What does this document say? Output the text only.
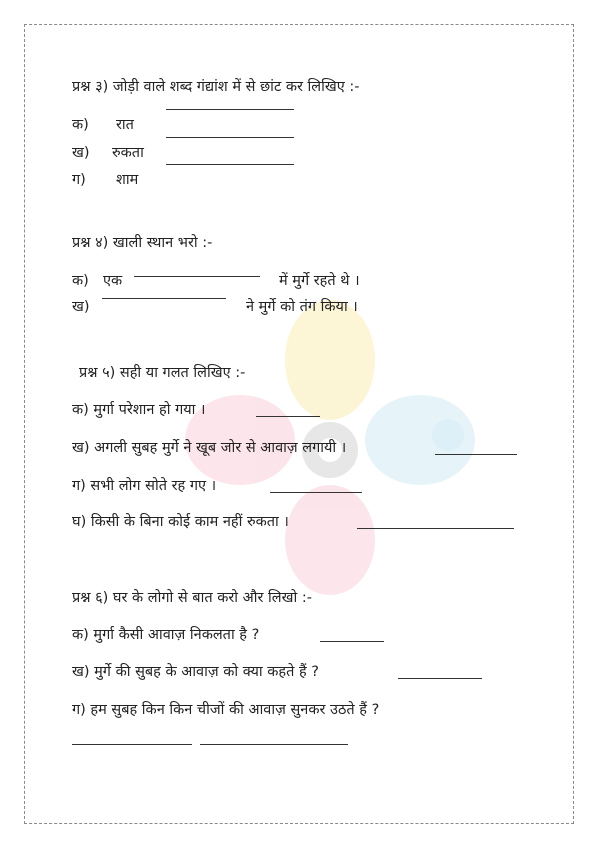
प्रश्न ३) जोड़ी वाले शब्द गंद्यांश में से छांट कर लिखिए :-
क) रात
ख) रुकता
ग) शाम
प्रश्न ४) खाली स्थान भरो :-
क) एक	में मुर्गे रहते थे ।
ख)	ने मुर्गे को तंग किया ।
प्रश्न ५) सही या गलत लिखिए :-
क) मुर्गा परेशान हो गया ।
ख) अगली सुबह मुर्गे ने खूब जोर से आवाज़ लगायी ।
ग) सभी लोग सोते रह गए ।
घ) किसी के बिना कोई काम नहीं रुकता ।
प्रश्न ६) घर के लोगो से बात करो और लिखो :-
क) मुर्गा कैसी आवाज़ निकलता है ?
ख) मुर्गे की सुबह के आवाज़ को क्या कहते हैं ?
ग) हम सुबह किन किन चीजों की आवाज़ सुनकर उठते हैं ?
